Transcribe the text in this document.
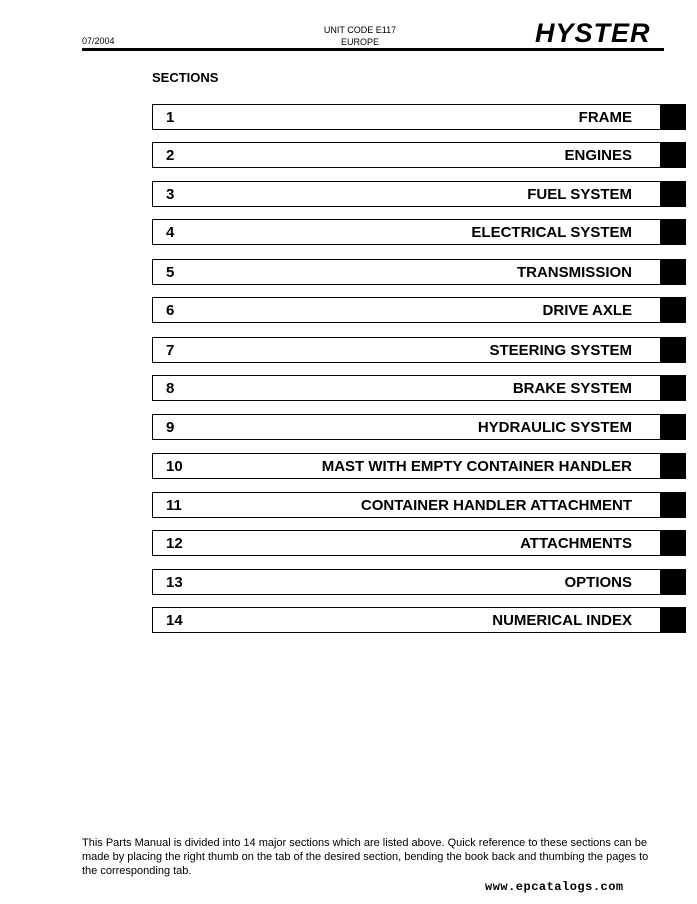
07/2004
UNIT CODE E117
EUROPE	HYSTER
SECTIONS
1	FRAME
2	ENGINES
3	FUEL SYSTEM
4	ELECTRICAL SYSTEM
5	TRANSMISSION
6	DRIVE AXLE
7	STEERING SYSTEM
8	BRAKE SYSTEM
9	HYDRAULIC SYSTEM
10	MAST WITH EMPTY CONTAINER HANDLER
11	CONTAINER HANDLER ATTACHMENT
12	ATTACHMENTS
13	OPTIONS
14	NUMERICAL INDEX
This Parts Manual is divided into 14 major sections which are listed above. Quick reference to these sections can be made by placing the right thumb on the tab of the desired section, bending the book back and thumbing the pages to the corresponding tab.
www.epcatalogs.com
